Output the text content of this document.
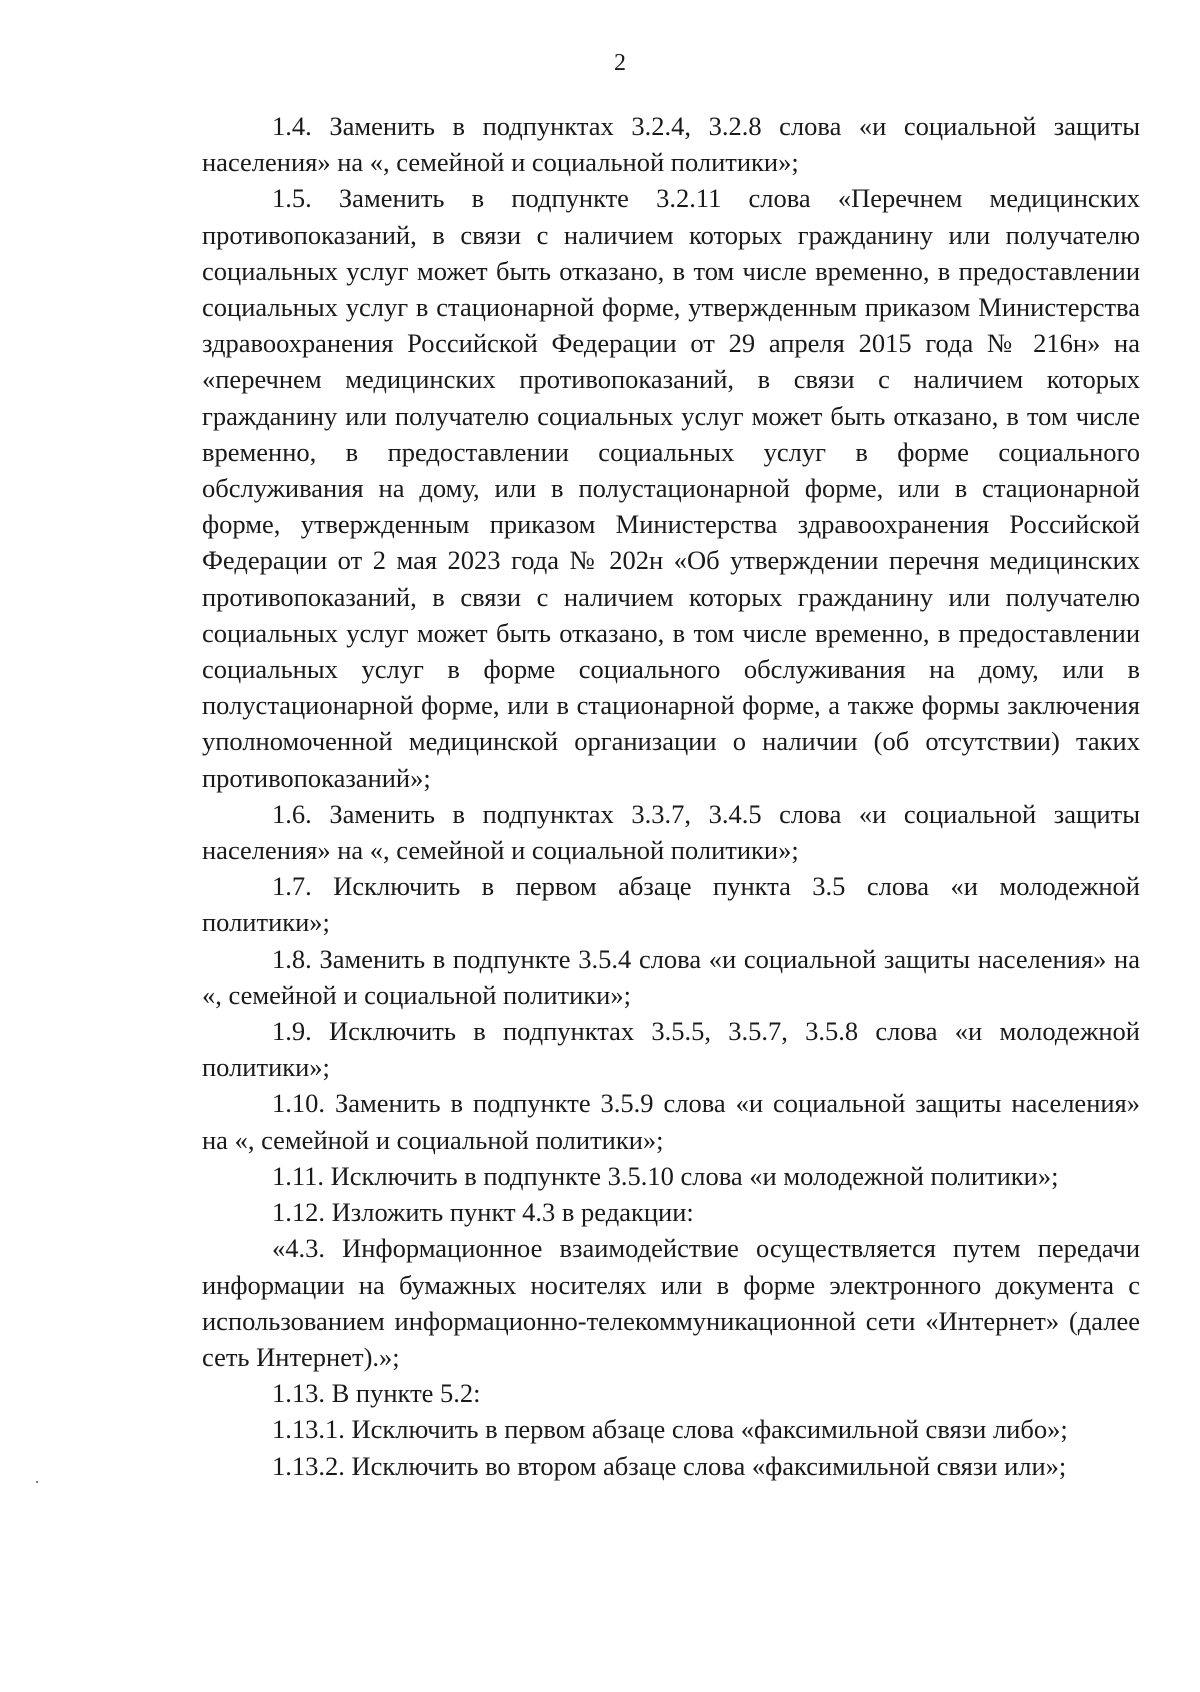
2

1.4. Заменить в подпунктах 3.2.4, 3.2.8 слова «и социальной защиты населения» на «, семейной и социальной политики»;

1.5. Заменить в подпункте 3.2.11 слова «Перечнем медицинских противопоказаний, в связи с наличием которых гражданину или получателю социальных услуг может быть отказано, в том числе временно, в предоставлении социальных услуг в стационарной форме, утвержденным приказом Министерства здравоохранения Российской Федерации от 29 апреля 2015 года № 216н» на «перечнем медицинских противопоказаний, в связи с наличием которых гражданину или получателю социальных услуг может быть отказано, в том числе временно, в предоставлении социальных услуг в форме социального обслуживания на дому, или в полустационарной форме, или в стационарной форме, утвержденным приказом Министерства здравоохранения Российской Федерации от 2 мая 2023 года № 202н «Об утверждении перечня медицинских противопоказаний, в связи с наличием которых гражданину или получателю социальных услуг может быть отказано, в том числе временно, в предоставлении социальных услуг в форме социального обслуживания на дому, или в полустационарной форме, или в стационарной форме, а также формы заключения уполномоченной медицинской организации о наличии (об отсутствии) таких противопоказаний»;

1.6. Заменить в подпунктах 3.3.7, 3.4.5 слова «и социальной защиты населения» на «, семейной и социальной политики»;

1.7. Исключить в первом абзаце пункта 3.5 слова «и молодежной политики»;

1.8. Заменить в подпункте 3.5.4 слова «и социальной защиты населения» на «, семейной и социальной политики»;

1.9. Исключить в подпунктах 3.5.5, 3.5.7, 3.5.8 слова «и молодежной политики»;

1.10. Заменить в подпункте 3.5.9 слова «и социальной защиты населения» на «, семейной и социальной политики»;

1.11. Исключить в подпункте 3.5.10 слова «и молодежной политики»;

1.12. Изложить пункт 4.3 в редакции:

«4.3. Информационное взаимодействие осуществляется путем передачи информации на бумажных носителях или в форме электронного документа с использованием информационно-телекоммуникационной сети «Интернет» (далее сеть Интернет).»;

1.13. В пункте 5.2:

1.13.1. Исключить в первом абзаце слова «факсимильной связи либо»;

1.13.2. Исключить во втором абзаце слова «факсимильной связи или»;
